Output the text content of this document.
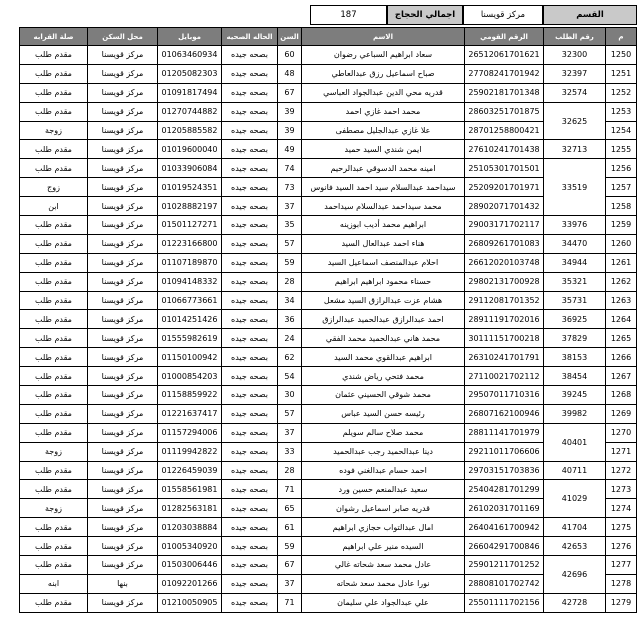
القسم
مركز قويسنا
اجمالي الحجاج
187
م	رقم الطلب	الرقم القومي	الاسم	السن	الحاله الصحيه	موبايل	محل السكن	صلة القرابه
1250	32300	26512061701621	سعاد ابراهيم السباعي رضوان	60	بصحه جيده	01063460934	مركز قويسنا	مقدم طلب
1251	32397	27708241701942	صباح اسماعيل رزق عبدالعاطي	48	بصحه جيده	01205082303	مركز قويسنا	مقدم طلب
1252	32574	25902181701348	قدريه محي الدين عبدالجواد العباسي	67	بصحه جيده	01091817494	مركز قويسنا	مقدم طلب
1253	32625	28603251701875	محمد احمد غازي احمد	39	بصحه جيده	01270744882	مركز قويسنا	مقدم طلب
1254		28701258800421	علا غازي عبدالجليل مصطفى	39	بصحه جيده	01205885582	مركز قويسنا	زوجة
1255	32713	27610241701438	ايمن شندي السيد حميد	49	بصحه جيده	01019600040	مركز قويسنا	مقدم طلب
1256	33519	25105301701501	امينه محمد الدسوقي عبدالرحيم	74	بصحه جيده	01033906084	مركز قويسنا	مقدم طلب
1257		25209201701971	سيداحمد عبدالسلام سيد احمد السيد فانوس	73	بصحه جيده	01019524351	مركز قويسنا	زوج
1258		28902071701432	محمد سيداحمد عبدالسلام سيداحمد	37	بصحه جيده	01028882197	مركز قويسنا	ابن
1259	33976	29003171702117	ابراهيم محمد أديب ابوزينه	35	بصحه جيده	01501127271	مركز قويسنا	مقدم طلب
1260	34470	26809261701083	هناء احمد عبدالعال السيد	57	بصحه جيده	01223166800	مركز قويسنا	مقدم طلب
1261	34944	26612020103748	احلام عبدالمنصف اسماعيل السيد	59	بصحه جيده	01107189870	مركز قويسنا	مقدم طلب
1262	35321	29802131700928	حسناء محمود ابراهيم ابراهيم	28	بصحه جيده	01094148332	مركز قويسنا	مقدم طلب
1263	35731	29112081701352	هشام عزت عبدالرازق السيد مشعل	34	بصحه جيده	01066773661	مركز قويسنا	مقدم طلب
1264	36925	28911191702016	احمد عبدالرازق عبدالحميد عبدالرازق	36	بصحه جيده	01014251426	مركز قويسنا	مقدم طلب
1265	37829	30111151700218	محمد هاني عبدالحميد محمد الفقي	24	بصحه جيده	01555982619	مركز قويسنا	مقدم طلب
1266	38153	26310241701791	ابراهيم عبدالقوي محمد السيد	62	بصحه جيده	01150100942	مركز قويسنا	مقدم طلب
1267	38454	27110021702112	محمد فتحي رياض شندي	54	بصحه جيده	01000854203	مركز قويسنا	مقدم طلب
1268	39245	29507011710316	محمد شوقي الحسيني عثمان	30	بصحه جيده	01158859922	مركز قويسنا	مقدم طلب
1269	39982	26807162100946	رئيسه حسن السيد عباس	57	بصحه جيده	01221637417	مركز قويسنا	مقدم طلب
1270	40401	28811141701979	محمد صلاح سالم سويلم	37	بصحه جيده	01157294006	مركز قويسنا	مقدم طلب
1271		29211011706606	دينا عبدالحميد رجب عبدالحميد	33	بصحه جيده	01119942822	مركز قويسنا	زوجة
1272	40711	29703151703836	احمد حسام عبدالغني فوده	28	بصحه جيده	01226459039	مركز قويسنا	مقدم طلب
1273	41029	25404281701299	سعيد عبدالمنعم حسين ورد	71	بصحه جيده	01558561981	مركز قويسنا	مقدم طلب
1274		26102031701169	قدريه صابر اسماعيل رشوان	65	بصحه جيده	01282563181	مركز قويسنا	زوجة
1275	41704	26404161700942	امال عبدالتواب حجازي ابراهيم	61	بصحه جيده	01203038884	مركز قويسنا	مقدم طلب
1276	42653	26604291700846	السيده منير علي ابراهيم	59	بصحه جيده	01005340920	مركز قويسنا	مقدم طلب
1277	42696	25901211701252	عادل محمد سعد شحاته غالي	67	بصحه جيده	01503006446	مركز قويسنا	مقدم طلب
1278		28808101702742	نورا عادل محمد سعد شحاته	37	بصحه جيده	01092201266	بنها	ابنه
1279	42728	25501111702156	علي عبدالجواد علي سليمان	71	بصحه جيده	01210050905	مركز قويسنا	مقدم طلب
